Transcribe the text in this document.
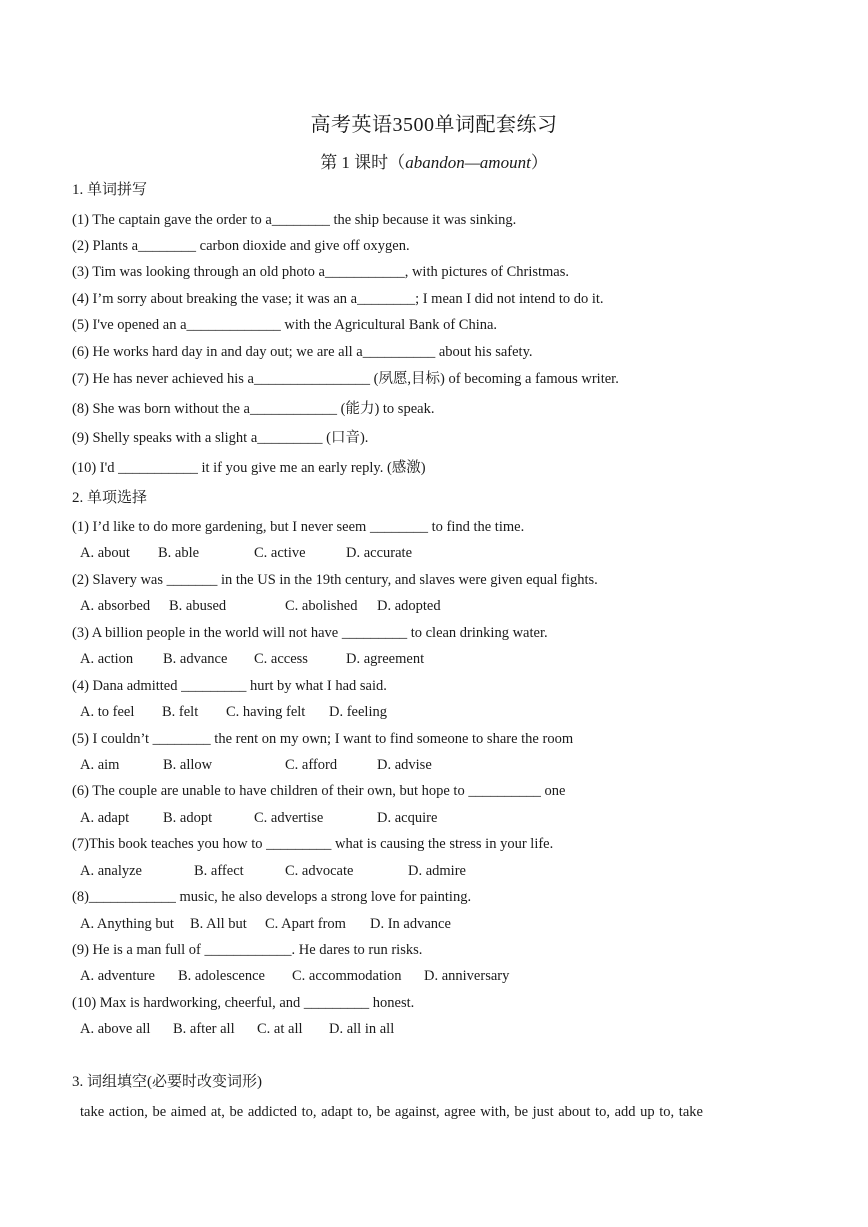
高考英语3500单词配套练习
第 1 课时（abandon—amount）
1. 单词拼写
(1) The captain gave the order to a________ the ship because it was sinking.
(2) Plants a________ carbon dioxide and give off oxygen.
(3) Tim was looking through an old photo a___________, with pictures of Christmas.
(4) I’m sorry about breaking the vase; it was an a________; I mean I did not intend to do it.
(5) I've opened an a_____________ with the Agricultural Bank of China.
(6) He works hard day in and day out; we are all a__________ about his safety.
(7) He has never achieved his a________________ (夙愿,目标) of becoming a famous writer.
(8) She was born without the a____________ (能力) to speak.
(9) Shelly speaks with a slight a_________ (口音).
(10) I'd ___________ it if you give me an early reply. (感激)
2. 单项选择
(1) I’d like to do more gardening, but I never seem ________ to find the time.
A. about B. able	C. active	D. accurate
(2) Slavery was _______ in the US in the 19th century, and slaves were given equal fights.
A. absorbed B. abused	C. abolished D. adopted
(3) A billion people in the world will not have _________ to clean drinking water.
A. action B. advance C. access	D. agreement
(4) Dana admitted _________ hurt by what I had said.
A. to feel B. felt C. having felt D. feeling
(5) I couldn’t ________ the rent on my own; I want to find someone to share the room
A. aim	B. allow	C. afford	D. advise
(6) The couple are unable to have children of their own, but hope to __________ one
A. adapt B. adopt	C. advertise	D. acquire
(7)This book teaches you how to _________ what is causing the stress in your life.
A. analyze	B. affect	C. advocate	D. admire
(8)____________ music, he also develops a strong love for painting.
A. Anything but B. All but C. Apart from D. In advance
(9) He is a man full of ____________. He dares to run risks.
A. adventure B. adolescence C. accommodation D. anniversary
(10) Max is hardworking, cheerful, and _________ honest.
A. above all B. after all C. at all D. all in all
3. 词组填空(必要时改变词形)
take action, be aimed at, be addicted to, adapt to, be against, agree with, be just about to, add up to, take
